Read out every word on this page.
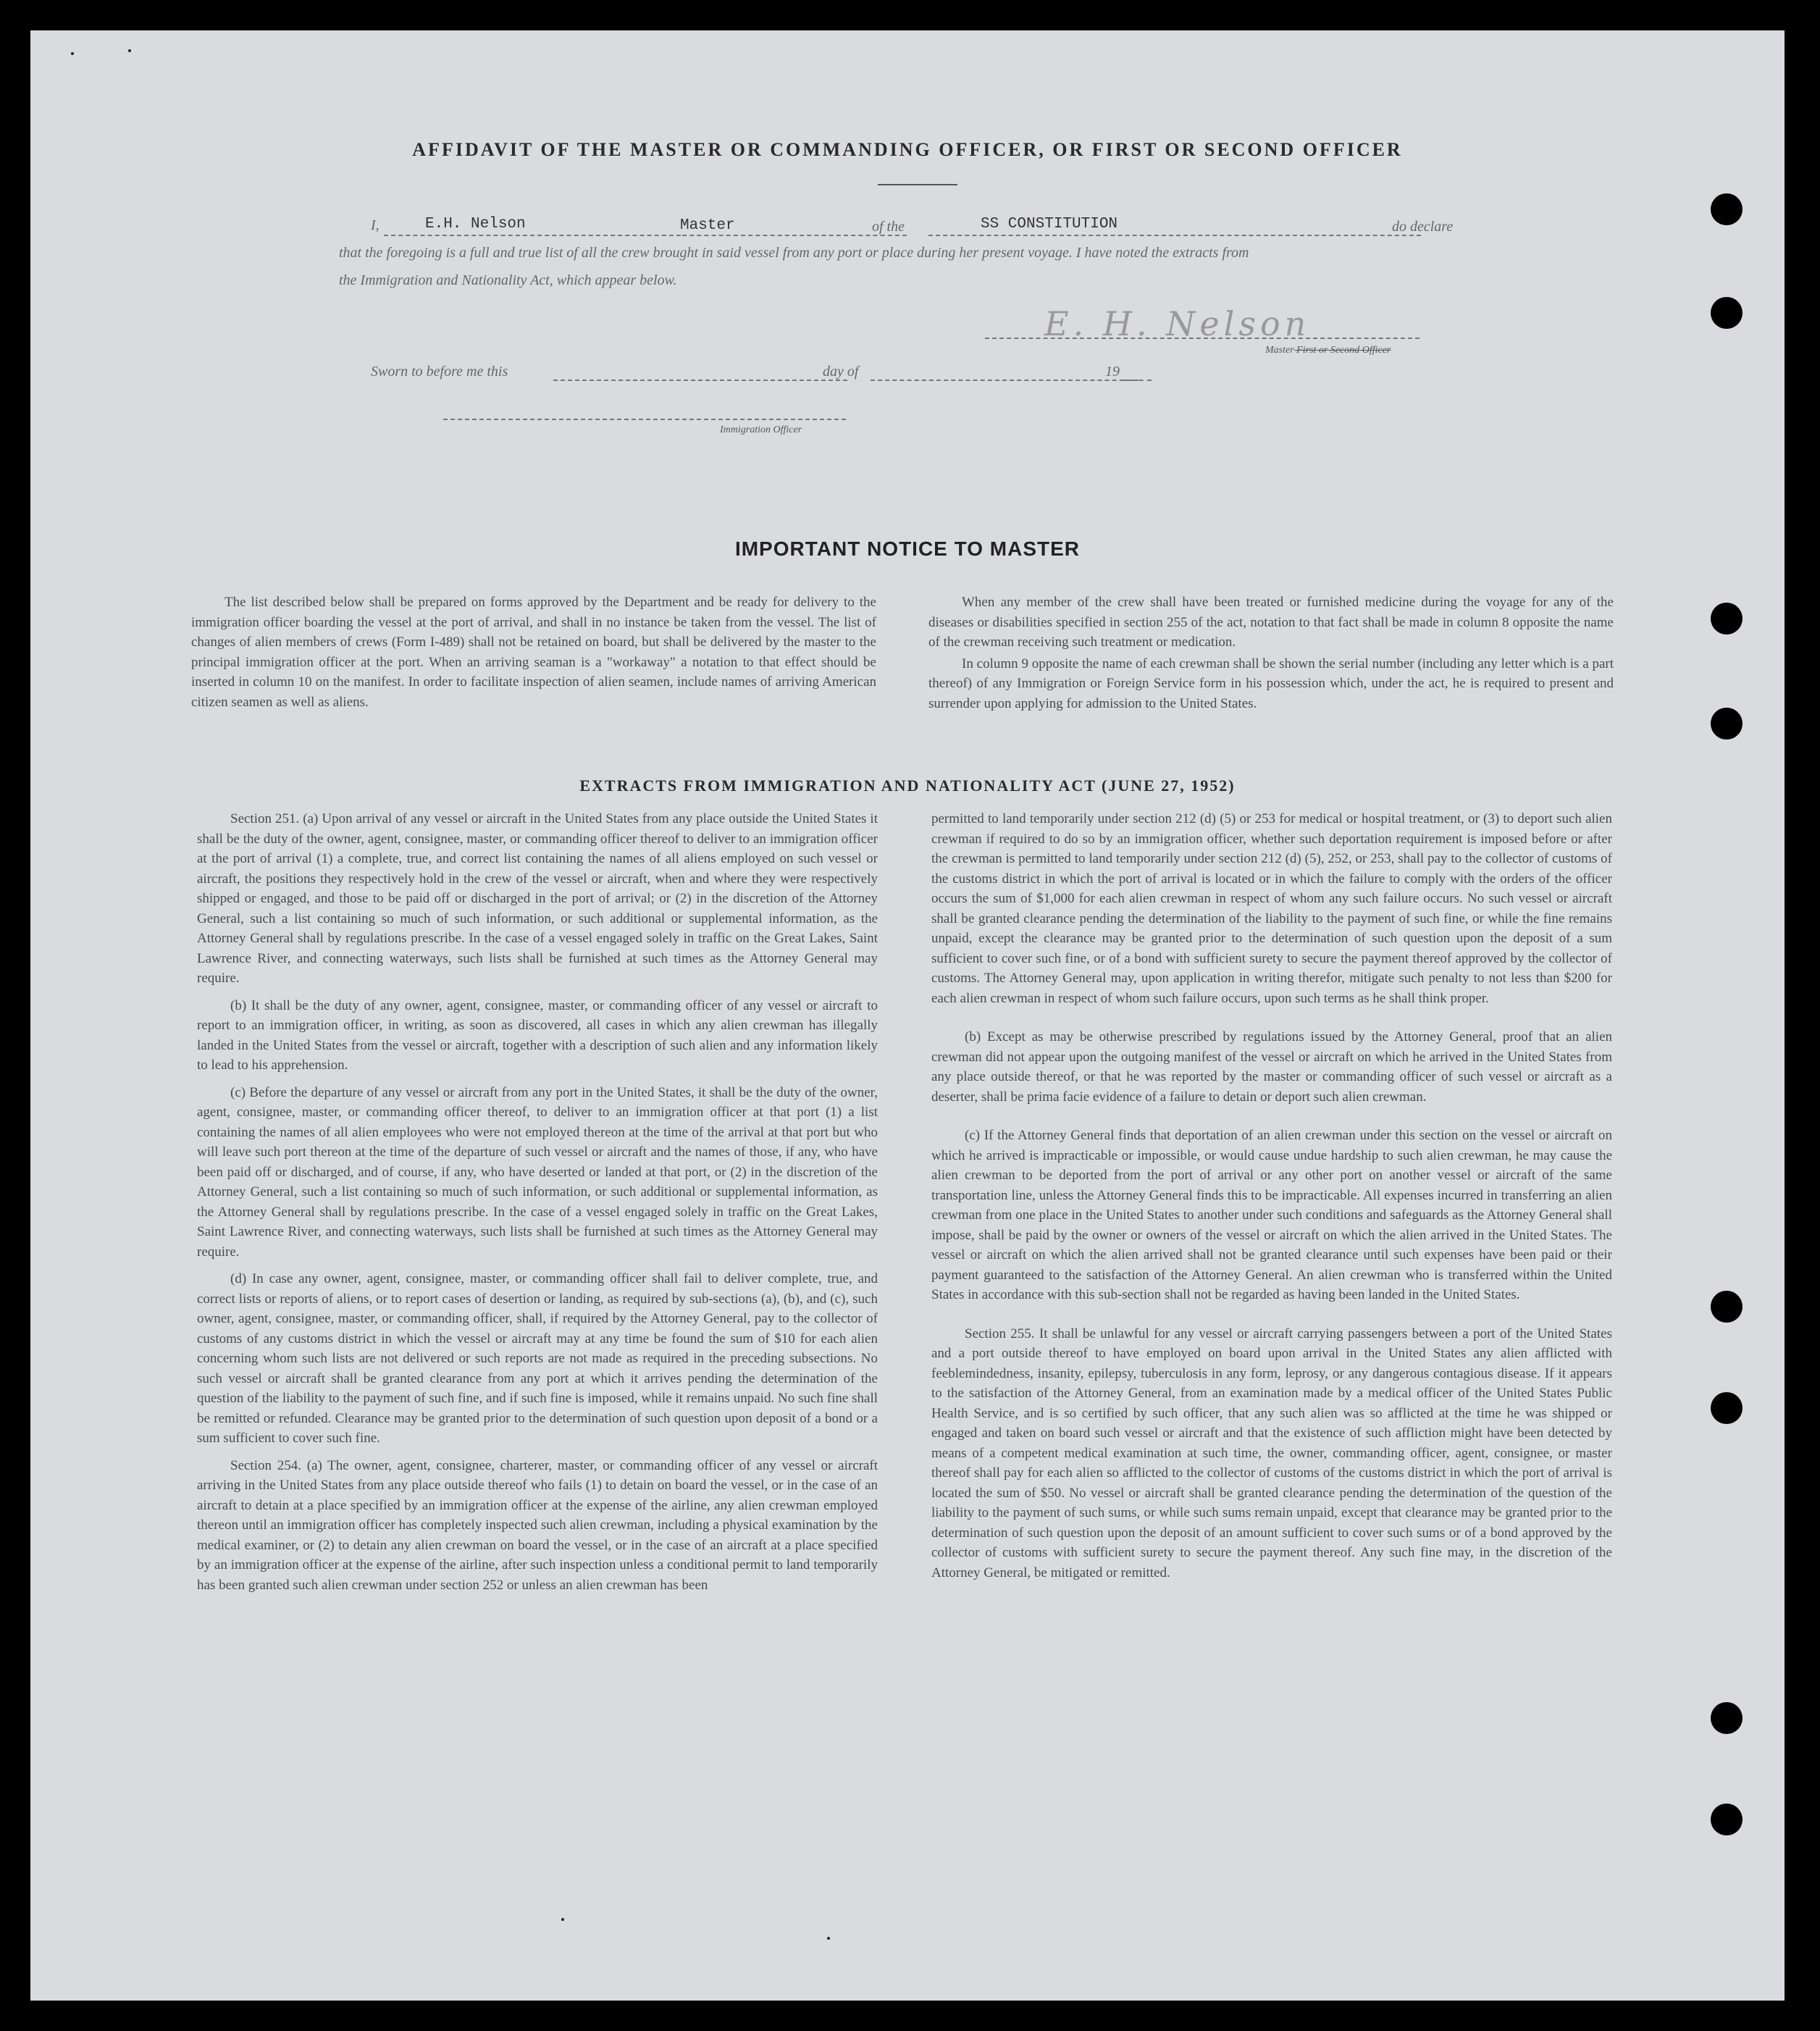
AFFIDAVIT OF THE MASTER OR COMMANDING OFFICER, OR FIRST OR SECOND OFFICER
I,	E.H. Nelson	Master	of the	SS CONSTITUTION	do declare
that the foregoing is a full and true list of all the crew brought in said vessel from any port or place during her present voyage. I have noted the extracts from
the Immigration and Nationality Act, which appear below.
E. H. Nelson
Master First or Second Officer
Sworn to before me this	day of	19
Immigration Officer
IMPORTANT NOTICE TO MASTER

The list described below shall be prepared on forms approved by the Department and be ready for delivery to the immigration officer boarding the vessel at the port of arrival, and shall in no instance be taken from the vessel. The list of changes of alien members of crews (Form I-489) shall not be retained on board, but shall be delivered by the master to the principal immigration officer at the port. When an arriving seaman is a "workaway" a notation to that effect should be inserted in column 10 on the manifest. In order to facilitate inspection of alien seamen, include names of arriving American citizen seamen as well as aliens.

When any member of the crew shall have been treated or furnished medicine during the voyage for any of the diseases or disabilities specified in section 255 of the act, notation to that fact shall be made in column 8 opposite the name of the crewman receiving such treatment or medication.

In column 9 opposite the name of each crewman shall be shown the serial number (including any letter which is a part thereof) of any Immigration or Foreign Service form in his possession which, under the act, he is required to present and surrender upon applying for admission to the United States.

EXTRACTS FROM IMMIGRATION AND NATIONALITY ACT (JUNE 27, 1952)

Section 251. (a) Upon arrival of any vessel or aircraft in the United States from any place outside the United States it shall be the duty of the owner, agent, consignee, master, or commanding officer thereof to deliver to an immigration officer at the port of arrival (1) a complete, true, and correct list containing the names of all aliens employed on such vessel or aircraft, the positions they respectively hold in the crew of the vessel or aircraft, when and where they were respectively shipped or engaged, and those to be paid off or discharged in the port of arrival; or (2) in the discretion of the Attorney General, such a list containing so much of such information, or such additional or supplemental information, as the Attorney General shall by regulations prescribe. In the case of a vessel engaged solely in traffic on the Great Lakes, Saint Lawrence River, and connecting waterways, such lists shall be furnished at such times as the Attorney General may require.

(b) It shall be the duty of any owner, agent, consignee, master, or commanding officer of any vessel or aircraft to report to an immigration officer, in writing, as soon as discovered, all cases in which any alien crewman has illegally landed in the United States from the vessel or aircraft, together with a description of such alien and any information likely to lead to his apprehension.

(c) Before the departure of any vessel or aircraft from any port in the United States, it shall be the duty of the owner, agent, consignee, master, or commanding officer thereof, to deliver to an immigration officer at that port (1) a list containing the names of all alien employees who were not employed thereon at the time of the arrival at that port but who will leave such port thereon at the time of the departure of such vessel or aircraft and the names of those, if any, who have been paid off or discharged, and of course, if any, who have deserted or landed at that port, or (2) in the discretion of the Attorney General, such a list containing so much of such information, or such additional or supplemental information, as the Attorney General shall by regulations prescribe. In the case of a vessel engaged solely in traffic on the Great Lakes, Saint Lawrence River, and connecting waterways, such lists shall be furnished at such times as the Attorney General may require.

(d) In case any owner, agent, consignee, master, or commanding officer shall fail to deliver complete, true, and correct lists or reports of aliens, or to report cases of desertion or landing, as required by sub-sections (a), (b), and (c), such owner, agent, consignee, master, or commanding officer, shall, if required by the Attorney General, pay to the collector of customs of any customs district in which the vessel or aircraft may at any time be found the sum of $10 for each alien concerning whom such lists are not delivered or such reports are not made as required in the preceding subsections. No such vessel or aircraft shall be granted clearance from any port at which it arrives pending the determination of the question of the liability to the payment of such fine, and if such fine is imposed, while it remains unpaid. No such fine shall be remitted or refunded. Clearance may be granted prior to the determination of such question upon deposit of a bond or a sum sufficient to cover such fine.

Section 254. (a) The owner, agent, consignee, charterer, master, or commanding officer of any vessel or aircraft arriving in the United States from any place outside thereof who fails (1) to detain on board the vessel, or in the case of an aircraft to detain at a place specified by an immigration officer at the expense of the airline, any alien crewman employed thereon until an immigration officer has completely inspected such alien crewman, including a physical examination by the medical examiner, or (2) to detain any alien crewman on board the vessel, or in the case of an aircraft at a place specified by an immigration officer at the expense of the airline, after such inspection unless a conditional permit to land temporarily has been granted such alien crewman under section 252 or unless an alien crewman has been

permitted to land temporarily under section 212 (d) (5) or 253 for medical or hospital treatment, or (3) to deport such alien crewman if required to do so by an immigration officer, whether such deportation requirement is imposed before or after the crewman is permitted to land temporarily under section 212 (d) (5), 252, or 253, shall pay to the collector of customs of the customs district in which the port of arrival is located or in which the failure to comply with the orders of the officer occurs the sum of $1,000 for each alien crewman in respect of whom any such failure occurs. No such vessel or aircraft shall be granted clearance pending the determination of the liability to the payment of such fine, or while the fine remains unpaid, except the clearance may be granted prior to the determination of such question upon the deposit of a sum sufficient to cover such fine, or of a bond with sufficient surety to secure the payment thereof approved by the collector of customs. The Attorney General may, upon application in writing therefor, mitigate such penalty to not less than $200 for each alien crewman in respect of whom such failure occurs, upon such terms as he shall think proper.

(b) Except as may be otherwise prescribed by regulations issued by the Attorney General, proof that an alien crewman did not appear upon the outgoing manifest of the vessel or aircraft on which he arrived in the United States from any place outside thereof, or that he was reported by the master or commanding officer of such vessel or aircraft as a deserter, shall be prima facie evidence of a failure to detain or deport such alien crewman.

(c) If the Attorney General finds that deportation of an alien crewman under this section on the vessel or aircraft on which he arrived is impracticable or impossible, or would cause undue hardship to such alien crewman, he may cause the alien crewman to be deported from the port of arrival or any other port on another vessel or aircraft of the same transportation line, unless the Attorney General finds this to be impracticable. All expenses incurred in transferring an alien crewman from one place in the United States to another under such conditions and safeguards as the Attorney General shall impose, shall be paid by the owner or owners of the vessel or aircraft on which the alien arrived in the United States. The vessel or aircraft on which the alien arrived shall not be granted clearance until such expenses have been paid or their payment guaranteed to the satisfaction of the Attorney General. An alien crewman who is transferred within the United States in accordance with this sub-section shall not be regarded as having been landed in the United States.

Section 255. It shall be unlawful for any vessel or aircraft carrying passengers between a port of the United States and a port outside thereof to have employed on board upon arrival in the United States any alien afflicted with feeblemindedness, insanity, epilepsy, tuberculosis in any form, leprosy, or any dangerous contagious disease. If it appears to the satisfaction of the Attorney General, from an examination made by a medical officer of the United States Public Health Service, and is so certified by such officer, that any such alien was so afflicted at the time he was shipped or engaged and taken on board such vessel or aircraft and that the existence of such affliction might have been detected by means of a competent medical examination at such time, the owner, commanding officer, agent, consignee, or master thereof shall pay for each alien so afflicted to the collector of customs of the customs district in which the port of arrival is located the sum of $50. No vessel or aircraft shall be granted clearance pending the determination of the question of the liability to the payment of such sums, or while such sums remain unpaid, except that clearance may be granted prior to the determination of such question upon the deposit of an amount sufficient to cover such sums or of a bond approved by the collector of customs with sufficient surety to secure the payment thereof. Any such fine may, in the discretion of the Attorney General, be mitigated or remitted.
